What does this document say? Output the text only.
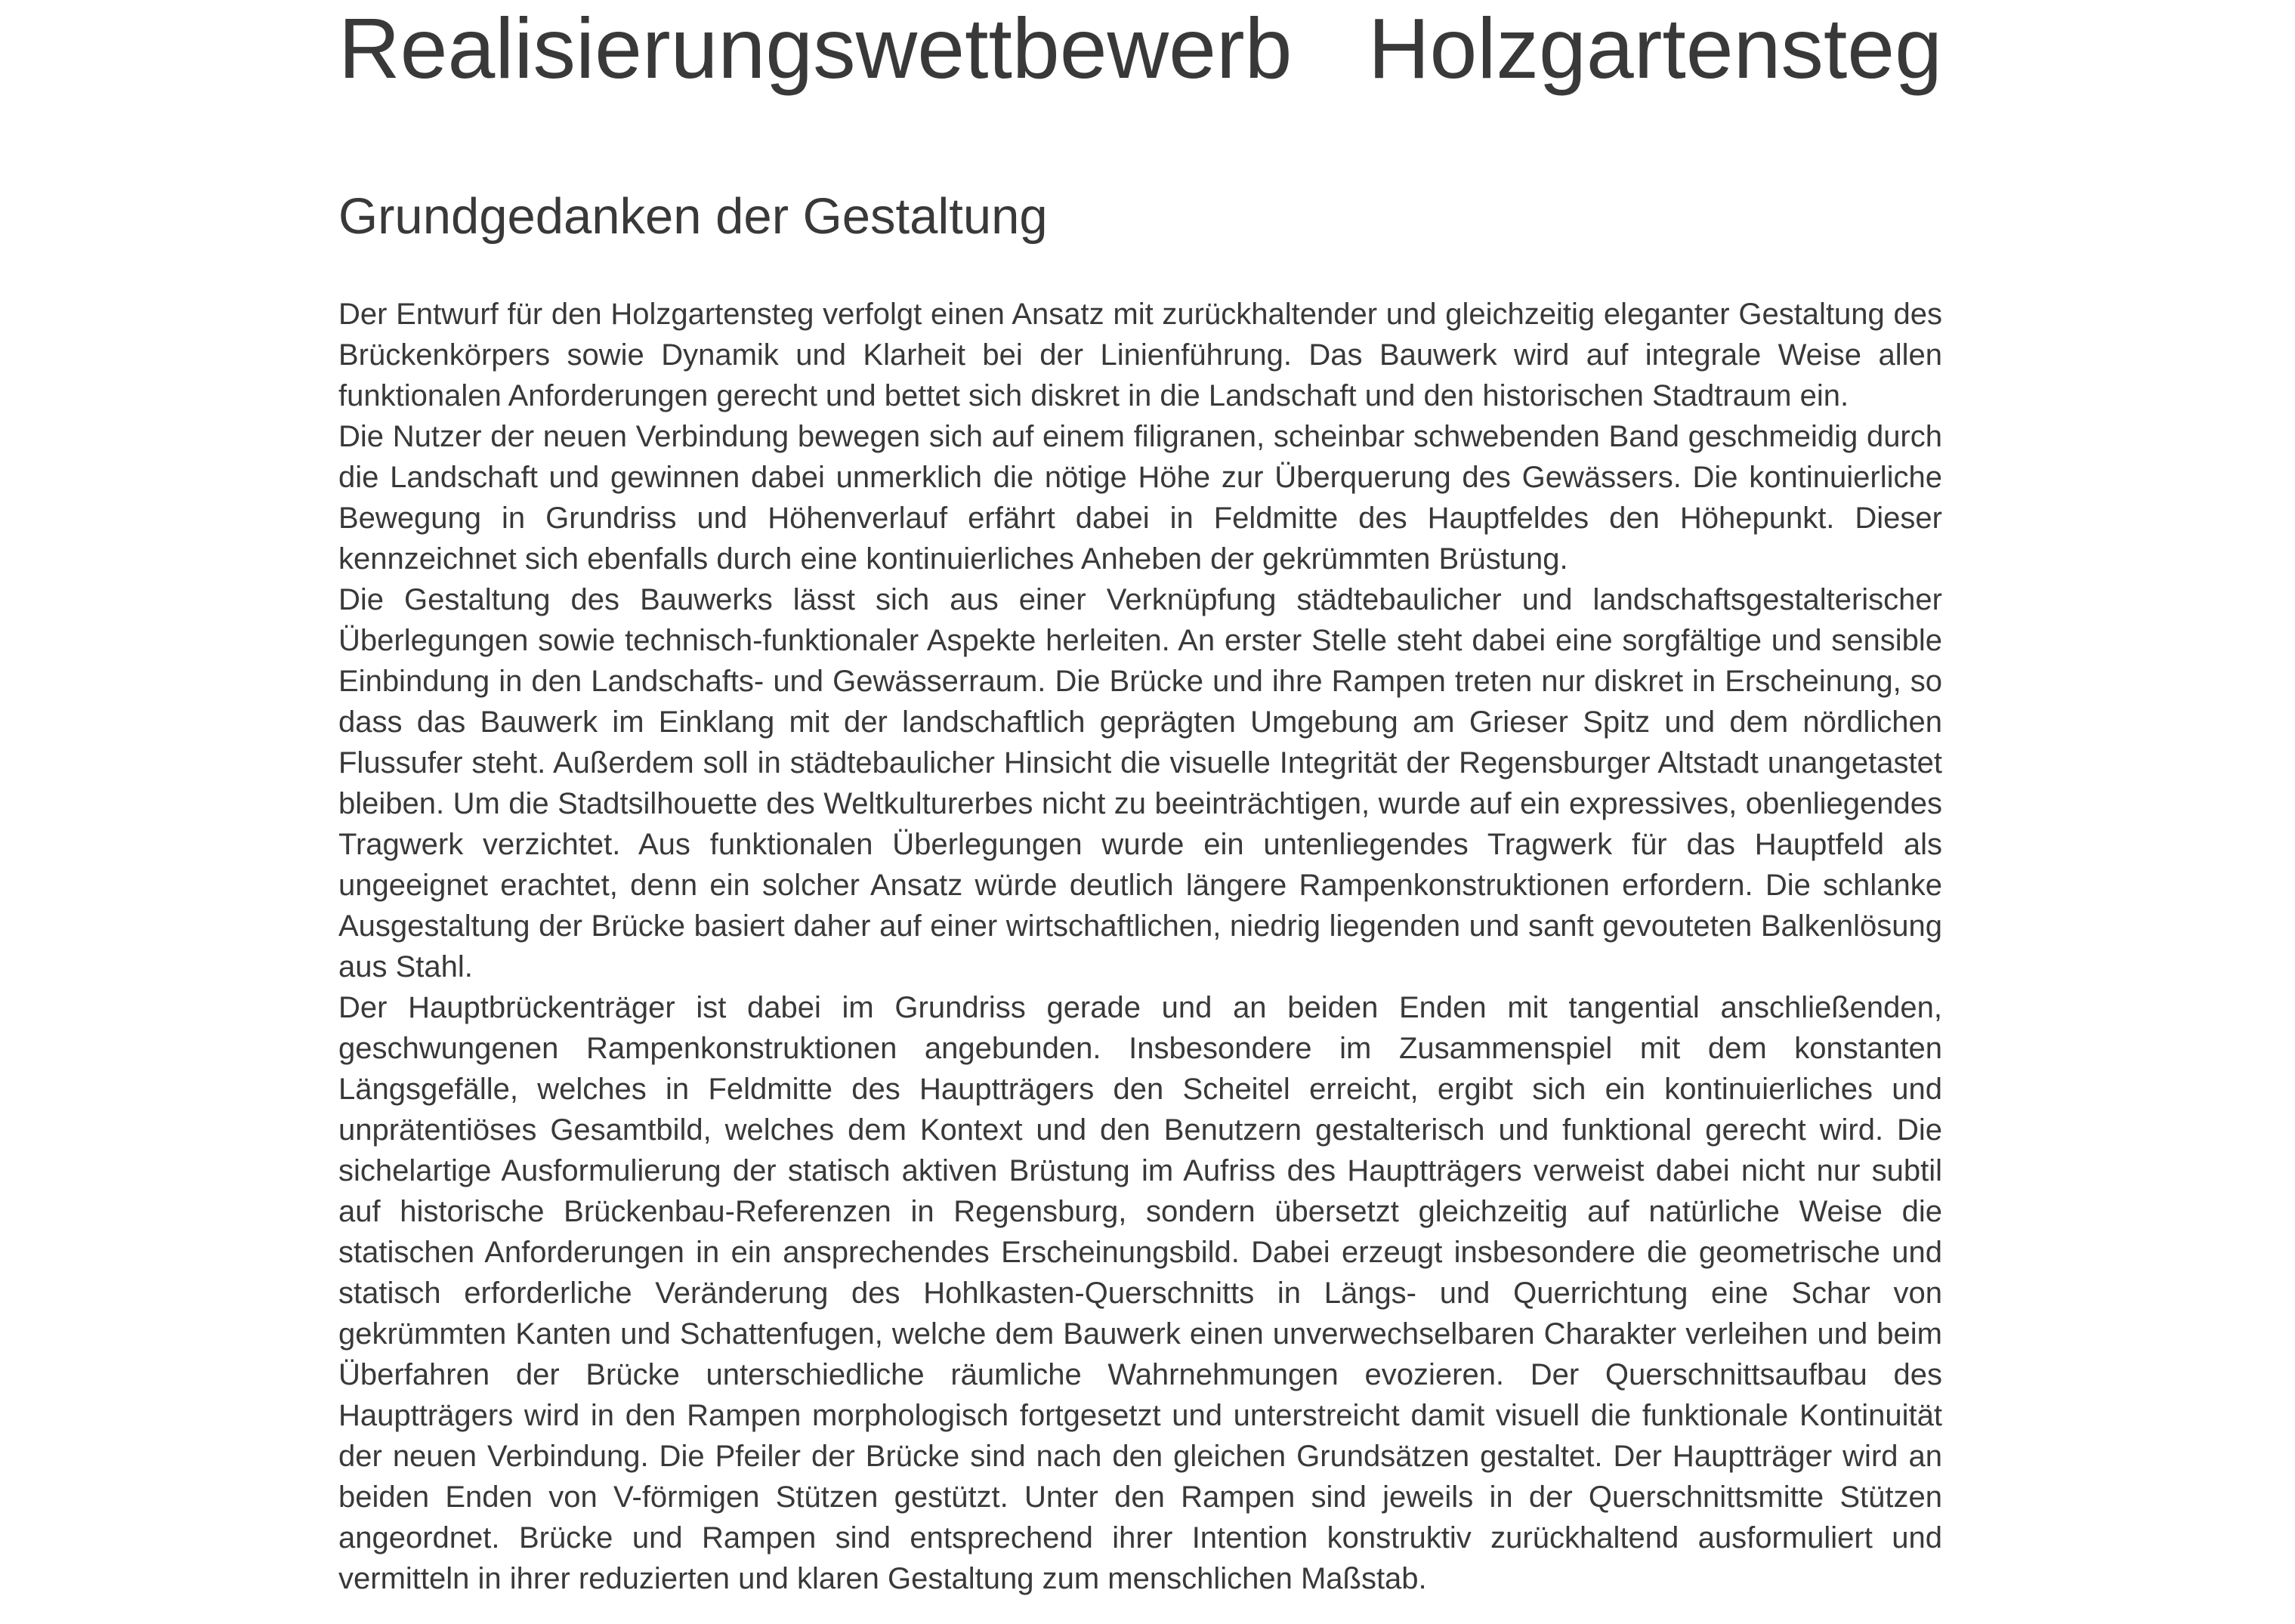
Realisierungswettbewerb Holzgartensteg
Grundgedanken der Gestaltung

Der Entwurf für den Holzgartensteg verfolgt einen Ansatz mit zurückhaltender und gleichzeitig eleganter Gestaltung des Brückenkörpers sowie Dynamik und Klarheit bei der Linienführung. Das Bauwerk wird auf integrale Weise allen funktionalen Anforderungen gerecht und bettet sich diskret in die Landschaft und den historischen Stadtraum ein.

Die Nutzer der neuen Verbindung bewegen sich auf einem filigranen, scheinbar schwebenden Band geschmeidig durch die Landschaft und gewinnen dabei unmerklich die nötige Höhe zur Überquerung des Gewässers. Die kontinuierliche Bewegung in Grundriss und Höhenverlauf erfährt dabei in Feldmitte des Hauptfeldes den Höhepunkt. Dieser kennzeichnet sich ebenfalls durch eine kontinuierliches Anheben der gekrümmten Brüstung.

Die Gestaltung des Bauwerks lässt sich aus einer Verknüpfung städtebaulicher und landschaftsgestalterischer Überlegungen sowie technisch-funktionaler Aspekte herleiten. An erster Stelle steht dabei eine sorgfältige und sensible Einbindung in den Landschafts- und Gewässerraum. Die Brücke und ihre Rampen treten nur diskret in Erscheinung, so dass das Bauwerk im Einklang mit der landschaftlich geprägten Umgebung am Grieser Spitz und dem nördlichen Flussufer steht. Außerdem soll in städtebaulicher Hinsicht die visuelle Integrität der Regensburger Altstadt unangetastet bleiben. Um die Stadtsilhouette des Weltkulturerbes nicht zu beeinträchtigen, wurde auf ein expressives, obenliegendes Tragwerk verzichtet. Aus funktionalen Überlegungen wurde ein untenliegendes Tragwerk für das Hauptfeld als ungeeignet erachtet, denn ein solcher Ansatz würde deutlich längere Rampenkonstruktionen erfordern. Die schlanke Ausgestaltung der Brücke basiert daher auf einer wirtschaftlichen, niedrig liegenden und sanft gevouteten Balkenlösung aus Stahl.

Der Hauptbrückenträger ist dabei im Grundriss gerade und an beiden Enden mit tangential anschließenden, geschwungenen Rampenkonstruktionen angebunden. Insbesondere im Zusammenspiel mit dem konstanten Längsgefälle, welches in Feldmitte des Hauptträgers den Scheitel erreicht, ergibt sich ein kontinuierliches und unprätentiöses Gesamtbild, welches dem Kontext und den Benutzern gestalterisch und funktional gerecht wird. Die sichelartige Ausformulierung der statisch aktiven Brüstung im Aufriss des Hauptträgers verweist dabei nicht nur subtil auf historische Brückenbau-Referenzen in Regensburg, sondern übersetzt gleichzeitig auf natürliche Weise die statischen Anforderungen in ein ansprechendes Erscheinungsbild. Dabei erzeugt insbesondere die geometrische und statisch erforderliche Veränderung des Hohlkasten-Querschnitts in Längs- und Querrichtung eine Schar von gekrümmten Kanten und Schattenfugen, welche dem Bauwerk einen unverwechselbaren Charakter verleihen und beim Überfahren der Brücke unterschiedliche räumliche Wahrnehmungen evozieren. Der Querschnittsaufbau des Hauptträgers wird in den Rampen morphologisch fortgesetzt und unterstreicht damit visuell die funktionale Kontinuität der neuen Verbindung. Die Pfeiler der Brücke sind nach den gleichen Grundsätzen gestaltet. Der Hauptträger wird an beiden Enden von V-förmigen Stützen gestützt. Unter den Rampen sind jeweils in der Querschnittsmitte Stützen angeordnet. Brücke und Rampen sind entsprechend ihrer Intention konstruktiv zurückhaltend ausformuliert und vermitteln in ihrer reduzierten und klaren Gestaltung zum menschlichen Maßstab.
